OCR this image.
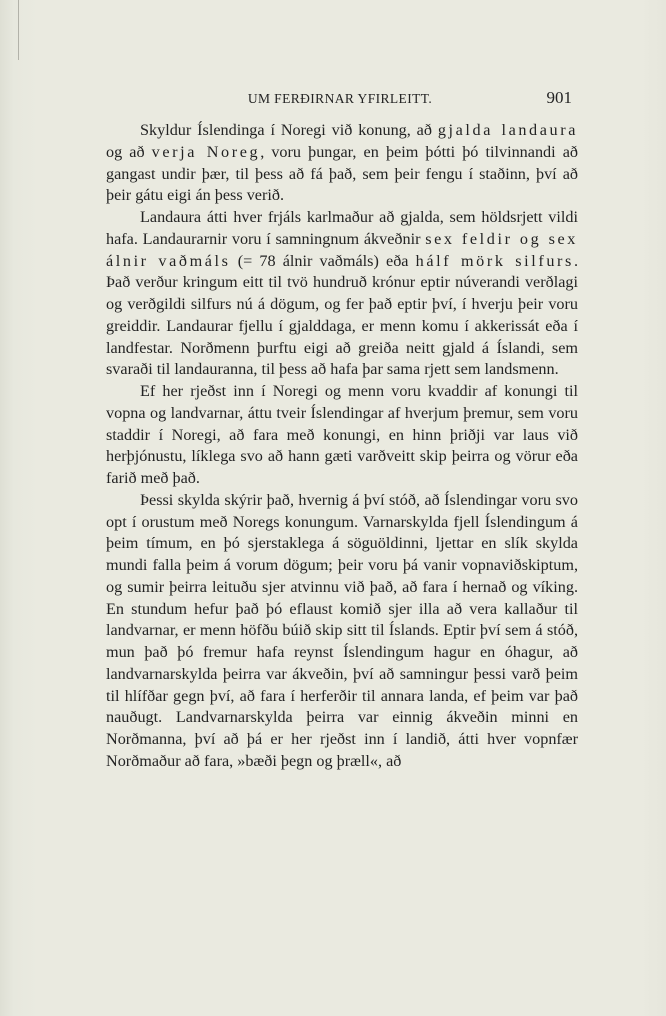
UM FERÐIRNAR YFIRLEITT.	901

Skyldur Íslendinga í Noregi við konung, að gjalda landaura og að verja Noreg, voru þungar, en þeim þótti þó tilvinnandi að gangast undir þær, til þess að fá það, sem þeir fengu í staðinn, því að þeir gátu eigi án þess verið.

Landaura átti hver frjáls karlmaður að gjalda, sem höldsrjett vildi hafa. Landaurarnir voru í samningnum ákveðnir sex feldir og sex álnir vaðmáls (= 78 álnir vaðmáls) eða hálf mörk silfurs. Það verður kringum eitt til tvö hundruð krónur eptir núverandi verðlagi og verðgildi silfurs nú á dögum, og fer það eptir því, í hverju þeir voru greiddir. Landaurar fjellu í gjalddaga, er menn komu í akkerissát eða í landfestar. Norðmenn þurftu eigi að greiða neitt gjald á Íslandi, sem svaraði til landauranna, til þess að hafa þar sama rjett sem landsmenn.

Ef her rjeðst inn í Noregi og menn voru kvaddir af konungi til vopna og landvarnar, áttu tveir Íslendingar af hverjum þremur, sem voru staddir í Noregi, að fara með konungi, en hinn þriðji var laus við herþjónustu, líklega svo að hann gæti varðveitt skip þeirra og vörur eða farið með það.

Þessi skylda skýrir það, hvernig á því stóð, að Íslendingar voru svo opt í orustum með Noregs konungum. Varnarskylda fjell Íslendingum á þeim tímum, en þó sjerstaklega á söguöldinni, ljettar en slík skylda mundi falla þeim á vorum dögum; þeir voru þá vanir vopnaviðskiptum, og sumir þeirra leituðu sjer atvinnu við það, að fara í hernað og víking. En stundum hefur það þó eflaust komið sjer illa að vera kallaður til landvarnar, er menn höfðu búið skip sitt til Íslands. Eptir því sem á stóð, mun það þó fremur hafa reynst Íslendingum hagur en óhagur, að landvarnarskylda þeirra var ákveðin, því að samningur þessi varð þeim til hlífðar gegn því, að fara í herferðir til annara landa, ef þeim var það nauðugt. Landvarnarskylda þeirra var einnig ákveðin minni en Norðmanna, því að þá er her rjeðst inn í landið, átti hver vopnfær Norðmaður að fara, »bæði þegn og þræll«, að
